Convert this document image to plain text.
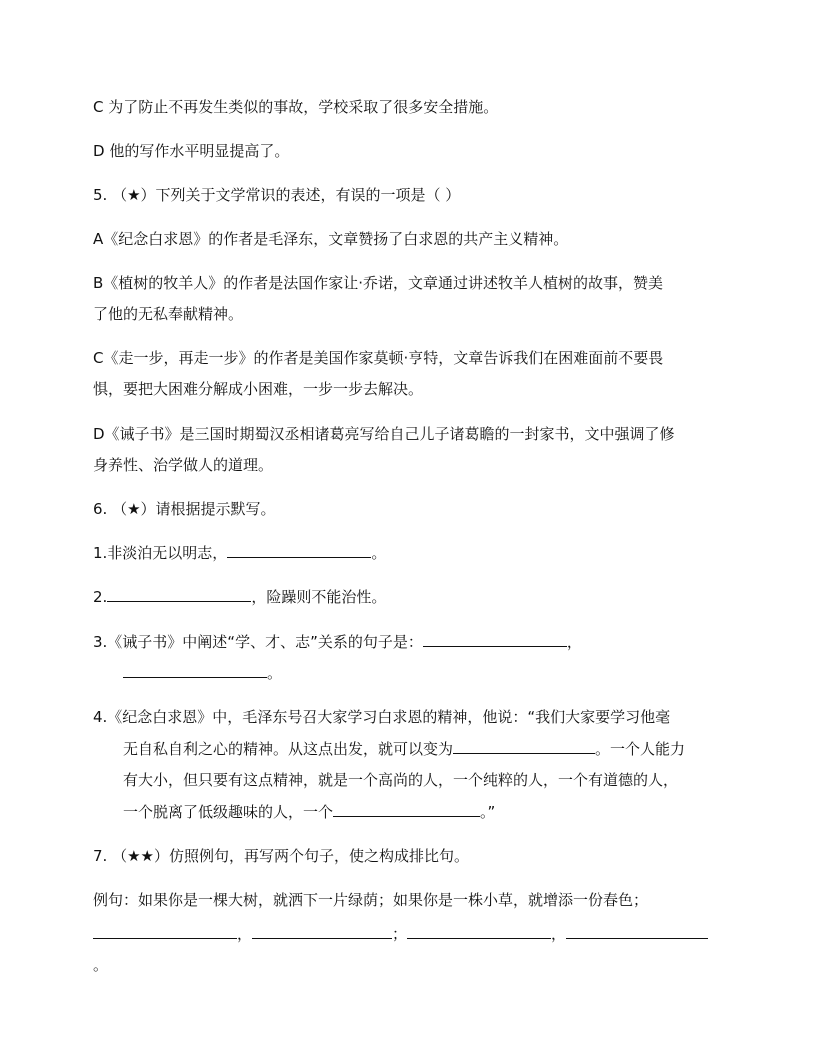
C 为了防止不再发生类似的事故，学校采取了很多安全措施。
D 他的写作水平明显提高了。
5. （★）下列关于文学常识的表述，有误的一项是（ ）
A《纪念白求恩》的作者是毛泽东，文章赞扬了白求恩的共产主义精神。
B《植树的牧羊人》的作者是法国作家让·乔诺，文章通过讲述牧羊人植树的故事，赞美
了他的无私奉献精神。
C《走一步，再走一步》的作者是美国作家莫顿·亨特，文章告诉我们在困难面前不要畏
惧，要把大困难分解成小困难，一步一步去解决。
D《诫子书》是三国时期蜀汉丞相诸葛亮写给自己儿子诸葛瞻的一封家书，文中强调了修
身养性、治学做人的道理。
6. （★）请根据提示默写。
1.非淡泊无以明志，	。
2.	，险躁则不能治性。
3.《诫子书》中阐述“学、才、志”关系的句子是：	，
。
4.《纪念白求恩》中，毛泽东号召大家学习白求恩的精神，他说：“我们大家要学习他毫
无自私自利之心的精神。从这点出发，就可以变为	。一个人能力
有大小，但只要有这点精神，就是一个高尚的人，一个纯粹的人，一个有道德的人，
一个脱离了低级趣味的人，一个	。”
7. （★★）仿照例句，再写两个句子，使之构成排比句。
例句：如果你是一棵大树，就洒下一片绿荫；如果你是一株小草，就增添一份春色；
，	；	，
。
